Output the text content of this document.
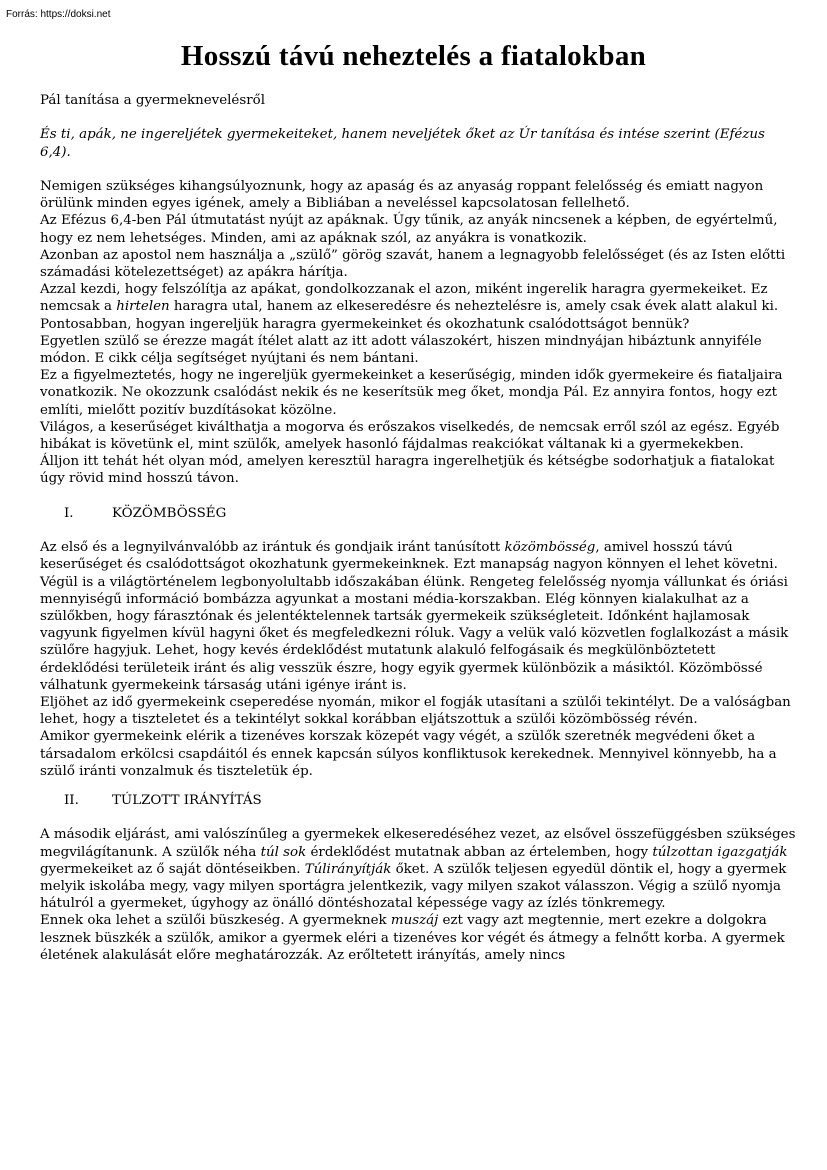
Forrás: https://doksi.net
Hosszú távú neheztelés a fiatalokban

Pál tanítása a gyermeknevelésről

És ti, apák, ne ingereljétek gyermekeiteket, hanem neveljétek őket az Úr tanítása és intése szerint (Efézus 6,4).

Nemigen szükséges kihangsúlyoznunk, hogy az apaság és az anyaság roppant felelősség és emiatt nagyon örülünk minden egyes igének, amely a Bibliában a neveléssel kapcsolatosan fellelhető.

Az Efézus 6,4-ben Pál útmutatást nyújt az apáknak. Úgy tűnik, az anyák nincsenek a képben, de egyértelmű, hogy ez nem lehetséges. Minden, ami az apáknak szól, az anyákra is vonatkozik.

Azonban az apostol nem használja a „szülő” görög szavát, hanem a legnagyobb felelősséget (és az Isten előtti számadási kötelezettséget) az apákra hárítja.

Azzal kezdi, hogy felszólítja az apákat, gondolkozzanak el azon, miként ingerelik haragra gyermekeiket. Ez nemcsak a hirtelen haragra utal, hanem az elkeseredésre és neheztelésre is, amely csak évek alatt alakul ki. Pontosabban, hogyan ingereljük haragra gyermekeinket és okozhatunk csalódottságot bennük?

Egyetlen szülő se érezze magát ítélet alatt az itt adott válaszokért, hiszen mindnyájan hibáztunk annyiféle módon. E cikk célja segítséget nyújtani és nem bántani.

Ez a figyelmeztetés, hogy ne ingereljük gyermekeinket a keserűségig, minden idők gyermekeire és fiataljaira vonatkozik. Ne okozzunk csalódást nekik és ne keserítsük meg őket, mondja Pál. Ez annyira fontos, hogy ezt említi, mielőtt pozitív buzdításokat közölne.

Világos, a keserűséget kiválthatja a mogorva és erőszakos viselkedés, de nemcsak erről szól az egész. Egyéb hibákat is követünk el, mint szülők, amelyek hasonló fájdalmas reakciókat váltanak ki a gyermekekben.

Álljon itt tehát hét olyan mód, amelyen keresztül haragra ingerelhetjük és kétségbe sodorhatjuk a fiatalokat úgy rövid mind hosszú távon.

I.	KÖZÖMBÖSSÉG

Az első és a legnyilvánvalóbb az irántuk és gondjaik iránt tanúsított közömbösség, amivel hosszú távú keserűséget és csalódottságot okozhatunk gyermekeinknek. Ezt manapság nagyon könnyen el lehet követni. Végül is a világtörténelem legbonyolultabb időszakában élünk. Rengeteg felelősség nyomja vállunkat és óriási mennyiségű információ bombázza agyunkat a mostani média-korszakban. Elég könnyen kialakulhat az a szülőkben, hogy fárasztónak és jelentéktelennek tartsák gyermekeik szükségleteit. Időnként hajlamosak vagyunk figyelmen kívül hagyni őket és megfeledkezni róluk. Vagy a velük való közvetlen foglalkozást a másik szülőre hagyjuk. Lehet, hogy kevés érdeklődést mutatunk alakuló felfogásaik és megkülönböztetett érdeklődési területeik iránt és alig vesszük észre, hogy egyik gyermek különbözik a másiktól. Közömbössé válhatunk gyermekeink társaság utáni igénye iránt is.

Eljöhet az idő gyermekeink cseperedése nyomán, mikor el fogják utasítani a szülői tekintélyt. De a valóságban lehet, hogy a tiszteletet és a tekintélyt sokkal korábban eljátszottuk a szülői közömbösség révén.

Amikor gyermekeink elérik a tizenéves korszak közepét vagy végét, a szülők szeretnék megvédeni őket a társadalom erkölcsi csapdáitól és ennek kapcsán súlyos konfliktusok kerekednek. Mennyivel könnyebb, ha a szülő iránti vonzalmuk és tiszteletük ép.

II.	TÚLZOTT IRÁNYÍTÁS

A második eljárást, ami valószínűleg a gyermekek elkeseredéséhez vezet, az elsővel összefüggésben szükséges megvilágítanunk. A szülők néha túl sok érdeklődést mutatnak abban az értelemben, hogy túlzottan igazgatják gyermekeiket az ő saját döntéseikben. Túlirányítják őket. A szülők teljesen egyedül döntik el, hogy a gyermek melyik iskolába megy, vagy milyen sportágra jelentkezik, vagy milyen szakot válasszon. Végig a szülő nyomja hátulról a gyermeket, úgyhogy az önálló döntéshozatal képessége vagy az ízlés tönkremegy.

Ennek oka lehet a szülői büszkeség. A gyermeknek muszáj ezt vagy azt megtennie, mert ezekre a dolgokra lesznek büszkék a szülők, amikor a gyermek eléri a tizenéves kor végét és átmegy a felnőtt korba. A gyermek életének alakulását előre meghatározzák. Az erőltetett irányítás, amely nincs
